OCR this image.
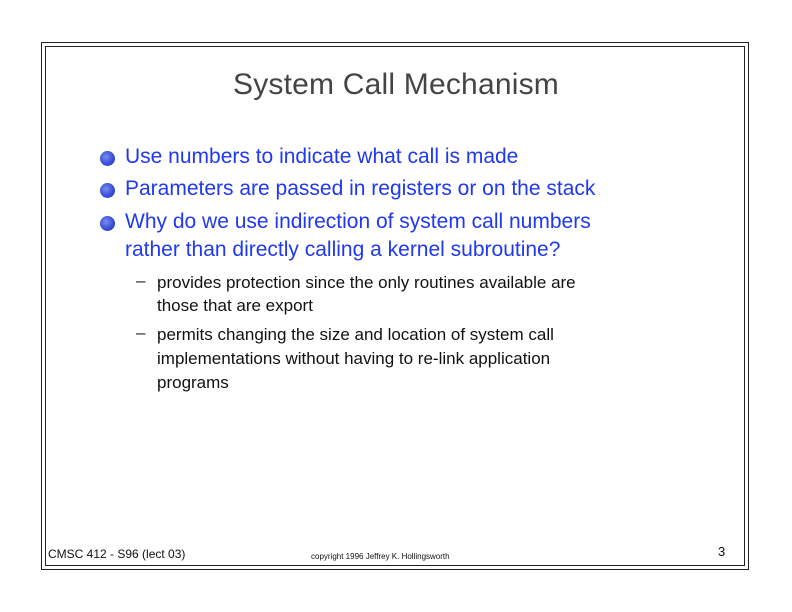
System Call Mechanism
Use numbers to indicate what call is made
Parameters are passed in registers or on the stack
Why do we use indirection of system call numbers
rather than directly calling a kernel subroutine?
– provides protection since the only routines available are
those that are export
– permits changing the size and location of system call
implementations without having to re-link application
programs
CMSC 412 - S96 (lect 03)	copyright 1996 Jeffrey K. Hollingsworth	3
